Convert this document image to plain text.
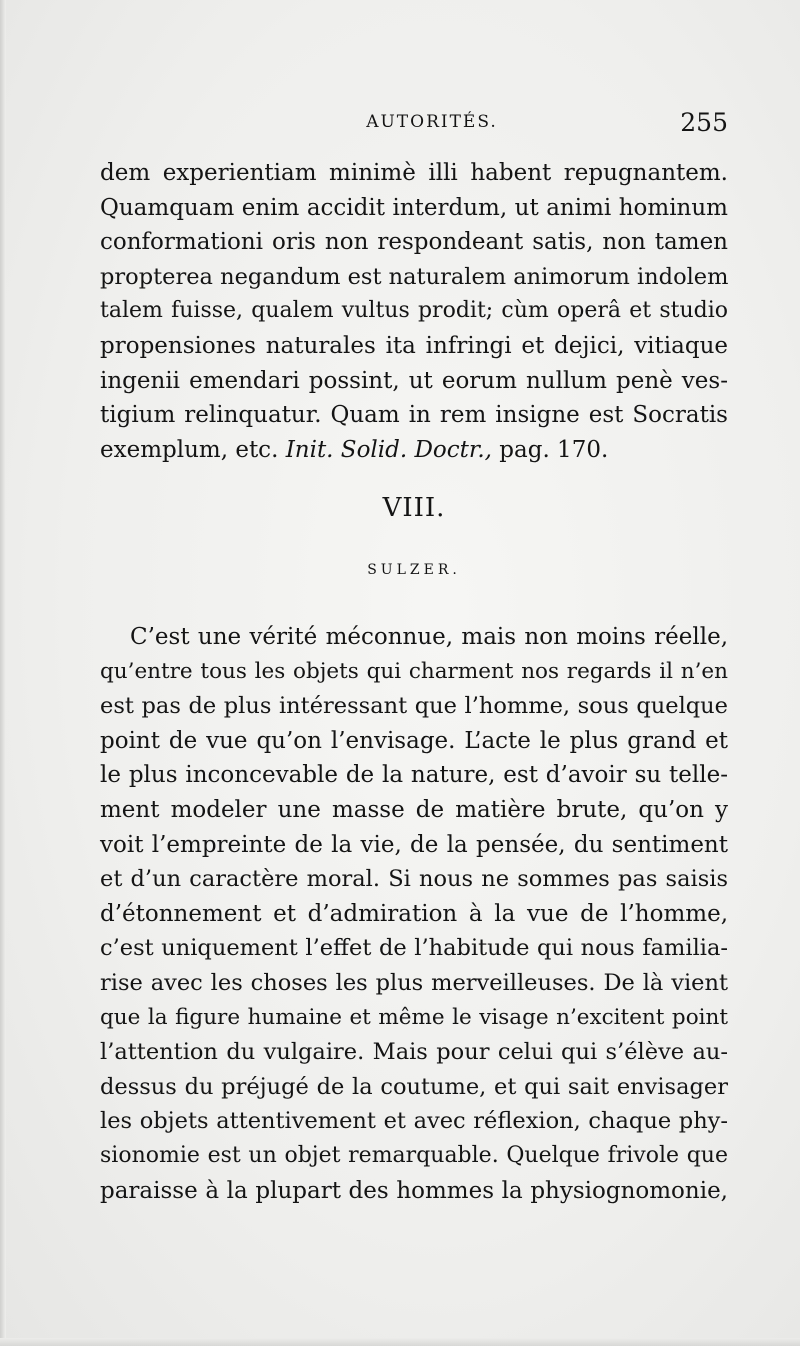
AUTORITÉS.	255
dem experientiam minimè illi habent repugnantem.
Quamquam enim accidit interdum, ut animi hominum
conformationi oris non respondeant satis, non tamen
propterea negandum est naturalem animorum indolem
talem fuisse, qualem vultus prodit; cùm operâ et studio
propensiones naturales ita infringi et dejici, vitiaque
ingenii emendari possint, ut eorum nullum penè ves-
tigium relinquatur. Quam in rem insigne est Socratis
exemplum, etc. Init. Solid. Doctr., pag. 170.
VIII.
SULZER.
C’est une vérité méconnue, mais non moins réelle,
qu’entre tous les objets qui charment nos regards il n’en
est pas de plus intéressant que l’homme, sous quelque
point de vue qu’on l’envisage. L’acte le plus grand et
le plus inconcevable de la nature, est d’avoir su telle-
ment modeler une masse de matière brute, qu’on y
voit l’empreinte de la vie, de la pensée, du sentiment
et d’un caractère moral. Si nous ne sommes pas saisis
d’étonnement et d’admiration à la vue de l’homme,
c’est uniquement l’effet de l’habitude qui nous familia-
rise avec les choses les plus merveilleuses. De là vient
que la figure humaine et même le visage n’excitent point
l’attention du vulgaire. Mais pour celui qui s’élève au-
dessus du préjugé de la coutume, et qui sait envisager
les objets attentivement et avec réflexion, chaque phy-
sionomie est un objet remarquable. Quelque frivole que
paraisse à la plupart des hommes la physiognomonie,
